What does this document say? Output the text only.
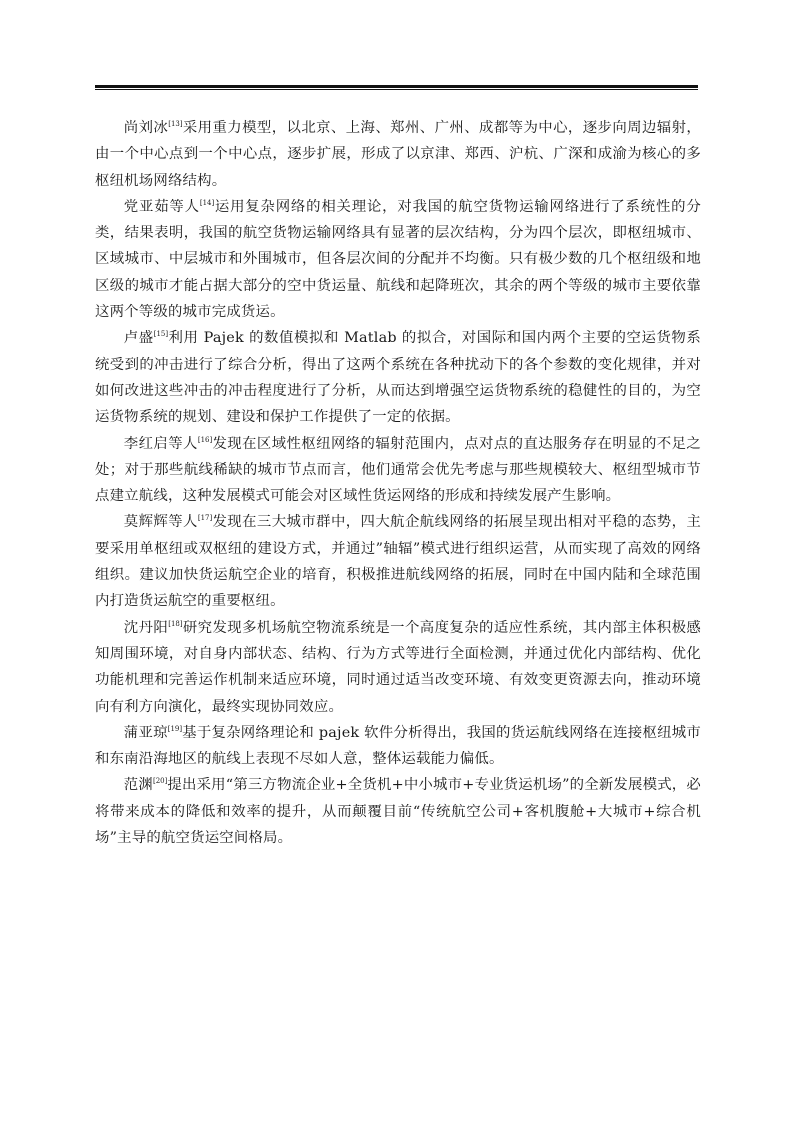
尚刘冰[13]采用重力模型，以北京、上海、郑州、广州、成都等为中心，逐步向周边辐射，由一个中心点到一个中心点，逐步扩展，形成了以京津、郑西、沪杭、广深和成渝为核心的多枢纽机场网络结构。

党亚茹等人[14]运用复杂网络的相关理论，对我国的航空货物运输网络进行了系统性的分类，结果表明，我国的航空货物运输网络具有显著的层次结构，分为四个层次，即枢纽城市、区域城市、中层城市和外围城市，但各层次间的分配并不均衡。只有极少数的几个枢纽级和地区级的城市才能占据大部分的空中货运量、航线和起降班次，其余的两个等级的城市主要依靠这两个等级的城市完成货运。

卢盛[15]利用 Pajek 的数值模拟和 Matlab 的拟合，对国际和国内两个主要的空运货物系统受到的冲击进行了综合分析，得出了这两个系统在各种扰动下的各个参数的变化规律，并对如何改进这些冲击的冲击程度进行了分析，从而达到增强空运货物系统的稳健性的目的，为空运货物系统的规划、建设和保护工作提供了一定的依据。

李红启等人[16]发现在区域性枢纽网络的辐射范围内，点对点的直达服务存在明显的不足之处；对于那些航线稀缺的城市节点而言，他们通常会优先考虑与那些规模较大、枢纽型城市节点建立航线，这种发展模式可能会对区域性货运网络的形成和持续发展产生影响。

莫辉辉等人[17]发现在三大城市群中，四大航企航线网络的拓展呈现出相对平稳的态势，主要采用单枢纽或双枢纽的建设方式，并通过”轴辐”模式进行组织运营，从而实现了高效的网络组织。建议加快货运航空企业的培育，积极推进航线网络的拓展，同时在中国内陆和全球范围内打造货运航空的重要枢纽。

沈丹阳[18]研究发现多机场航空物流系统是一个高度复杂的适应性系统，其内部主体积极感知周围环境，对自身内部状态、结构、行为方式等进行全面检测，并通过优化内部结构、优化功能机理和完善运作机制来适应环境，同时通过适当改变环境、有效变更资源去向，推动环境向有利方向演化，最终实现协同效应。

蒲亚琼[19]基于复杂网络理论和 pajek 软件分析得出，我国的货运航线网络在连接枢纽城市和东南沿海地区的航线上表现不尽如人意，整体运载能力偏低。

范渊[20]提出采用“第三方物流企业+全货机+中小城市+专业货运机场”的全新发展模式，必将带来成本的降低和效率的提升，从而颠覆目前“传统航空公司+客机腹舱+大城市+综合机场”主导的航空货运空间格局。
